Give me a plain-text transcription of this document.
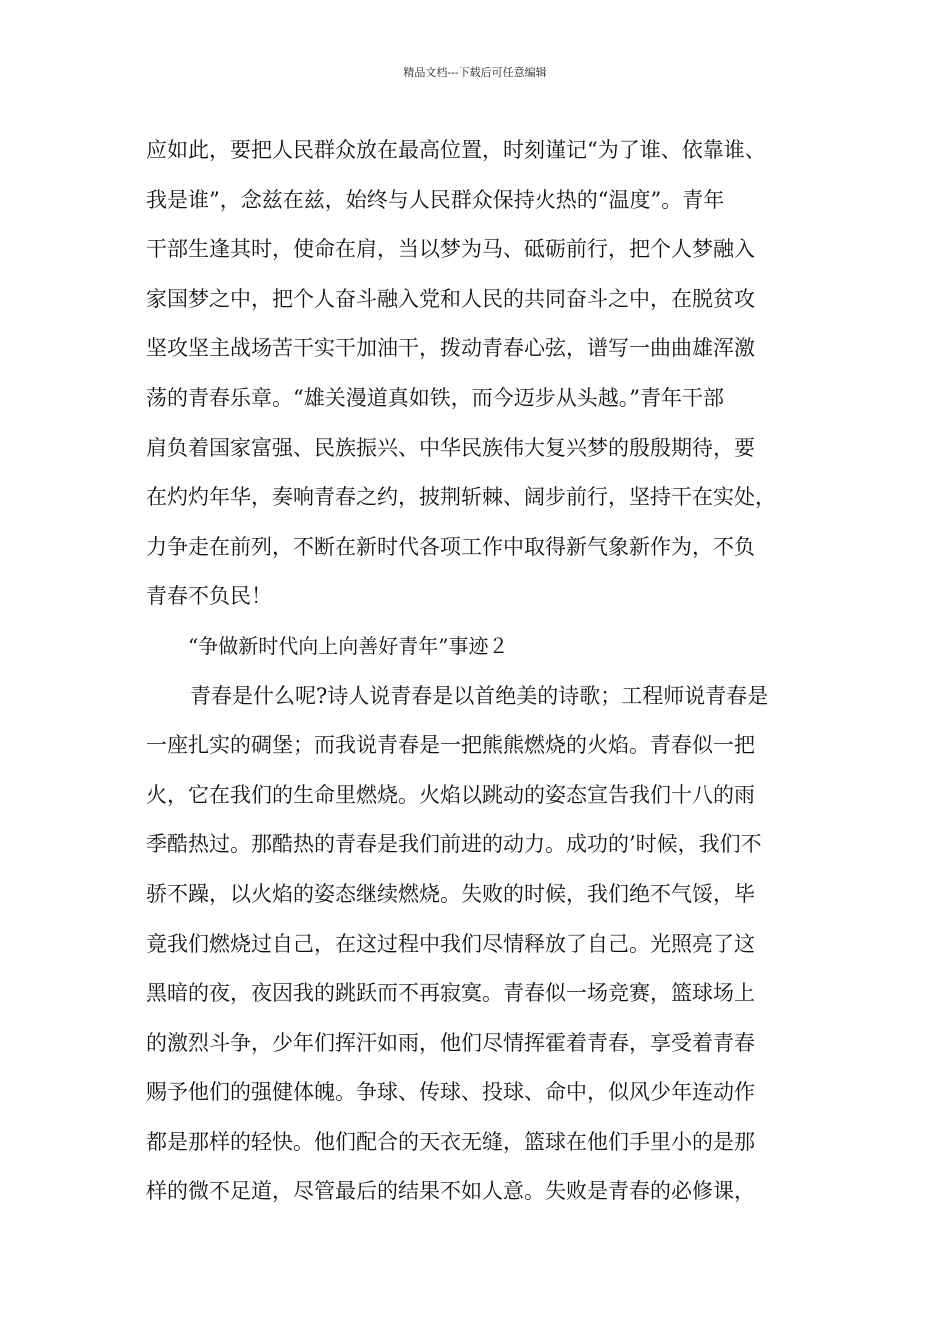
精品文档---下载后可任意编辑
应如此，要把人民群众放在最高位置，时刻谨记“为了谁、依靠谁、
我是谁”，念兹在兹，始终与人民群众保持火热的“温度”。青年
干部生逢其时，使命在肩，当以梦为马、砥砺前行，把个人梦融入
家国梦之中，把个人奋斗融入党和人民的共同奋斗之中，在脱贫攻
坚攻坚主战场苦干实干加油干，拨动青春心弦，谱写一曲曲雄浑激
荡的青春乐章。“雄关漫道真如铁，而今迈步从头越。”青年干部
肩负着国家富强、民族振兴、中华民族伟大复兴梦的殷殷期待，要
在灼灼年华，奏响青春之约，披荆斩棘、阔步前行，坚持干在实处，
力争走在前列，不断在新时代各项工作中取得新气象新作为，不负
青春不负民！
“争做新时代向上向善好青年”事迹２
青春是什么呢?诗人说青春是以首绝美的诗歌；工程师说青春是
一座扎实的碉堡；而我说青春是一把熊熊燃烧的火焰。青春似一把
火，它在我们的生命里燃烧。火焰以跳动的姿态宣告我们十八的雨
季酷热过。那酷热的青春是我们前进的动力。成功的’时候，我们不
骄不躁，以火焰的姿态继续燃烧。失败的时候，我们绝不气馁，毕
竟我们燃烧过自己，在这过程中我们尽情释放了自己。光照亮了这
黑暗的夜，夜因我的跳跃而不再寂寞。青春似一场竞赛，篮球场上
的激烈斗争，少年们挥汗如雨，他们尽情挥霍着青春，享受着青春
赐予他们的强健体魄。争球、传球、投球、命中，似风少年连动作
都是那样的轻快。他们配合的天衣无缝，篮球在他们手里小的是那
样的微不足道，尽管最后的结果不如人意。失败是青春的必修课，
